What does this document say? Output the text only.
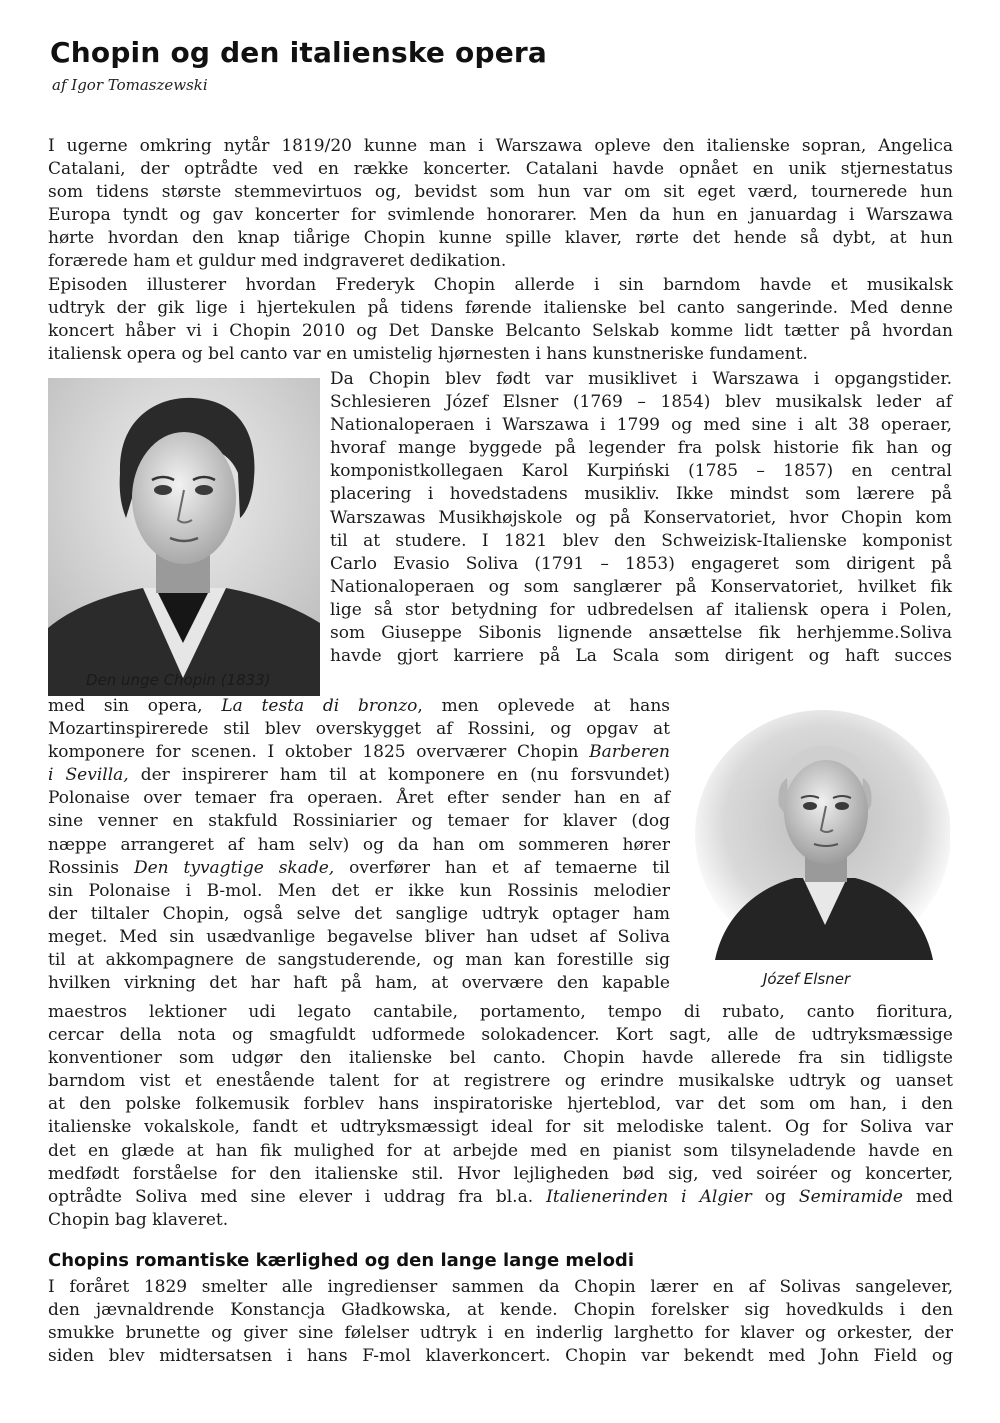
Chopin og den italienske opera
af Igor Tomaszewski
I ugerne omkring nytår 1819/20 kunne man i Warszawa opleve den italienske sopran, Angelica
Catalani, der optrådte ved en række koncerter. Catalani havde opnået en unik stjernestatus
som tidens største stemmevirtuos og, bevidst som hun var om sit eget værd, tournerede hun
Europa tyndt og gav koncerter for svimlende honorarer. Men da hun en januardag i Warszawa
hørte hvordan den knap tiårige Chopin kunne spille klaver, rørte det hende så dybt, at hun
forærede ham et guldur med indgraveret dedikation.
Episoden illusterer hvordan Frederyk Chopin allerde i sin barndom havde et musikalsk
udtryk der gik lige i hjertekulen på tidens førende italienske bel canto sangerinde. Med denne
koncert håber vi i Chopin 2010 og Det Danske Belcanto Selskab komme lidt tætter på hvordan
italiensk opera og bel canto var en umistelig hjørnesten i hans kunstneriske fundament.
Den unge Chopin (1833)
Da Chopin blev født var musiklivet i Warszawa i opgangstider.
Schlesieren Józef Elsner (1769 – 1854) blev musikalsk leder af
Nationaloperaen i Warszawa i 1799 og med sine i alt 38 operaer,
hvoraf mange byggede på legender fra polsk historie fik han og
komponistkollegaen Karol Kurpiński (1785 – 1857) en central
placering i hovedstadens musikliv. Ikke mindst som lærere på
Warszawas Musikhøjskole og på Konservatoriet, hvor Chopin kom
til at studere. I 1821 blev den Schweizisk-Italienske komponist
Carlo Evasio Soliva (1791 – 1853) engageret som dirigent på
Nationaloperaen og som sanglærer på Konservatoriet, hvilket fik
lige så stor betydning for udbredelsen af italiensk opera i Polen,
som Giuseppe Sibonis lignende ansættelse fik herhjemme.Soliva
havde gjort karriere på La Scala som dirigent og haft succes
med sin opera, La testa di bronzo, men oplevede at hans
Mozartinspirerede stil blev overskygget af Rossini, og opgav at
komponere for scenen. I oktober 1825 overværer Chopin Barberen
i Sevilla, der inspirerer ham til at komponere en (nu forsvundet)
Polonaise over temaer fra operaen. Året efter sender han en af
sine venner en stakfuld Rossiniarier og temaer for klaver (dog
næppe arrangeret af ham selv) og da han om sommeren hører
Rossinis Den tyvagtige skade, overfører han et af temaerne til
sin Polonaise i B-mol. Men det er ikke kun Rossinis melodier
der tiltaler Chopin, også selve det sanglige udtryk optager ham
meget. Med sin usædvanlige begavelse bliver han udset af Soliva
til at akkompagnere de sangstuderende, og man kan forestille sig
hvilken virkning det har haft på ham, at overvære den kapable	Józef Elsner
maestros lektioner udi legato cantabile, portamento, tempo di rubato, canto fioritura,
cercar della nota og smagfuldt udformede solokadencer. Kort sagt, alle de udtryksmæssige
konventioner som udgør den italienske bel canto. Chopin havde allerede fra sin tidligste
barndom vist et enestående talent for at registrere og erindre musikalske udtryk og uanset
at den polske folkemusik forblev hans inspiratoriske hjerteblod, var det som om han, i den
italienske vokalskole, fandt et udtryksmæssigt ideal for sit melodiske talent. Og for Soliva var
det en glæde at han fik mulighed for at arbejde med en pianist som tilsyneladende havde en
medfødt forståelse for den italienske stil. Hvor lejligheden bød sig, ved soiréer og koncerter,
optrådte Soliva med sine elever i uddrag fra bl.a. Italienerinden i Algier og Semiramide med
Chopin bag klaveret.
Chopins romantiske kærlighed og den lange lange melodi
I foråret 1829 smelter alle ingredienser sammen da Chopin lærer en af Solivas sangelever,
den jævnaldrende Konstancja Gładkowska, at kende. Chopin forelsker sig hovedkulds i den
smukke brunette og giver sine følelser udtryk i en inderlig larghetto for klaver og orkester, der
siden blev midtersatsen i hans F-mol klaverkoncert. Chopin var bekendt med John Field og
